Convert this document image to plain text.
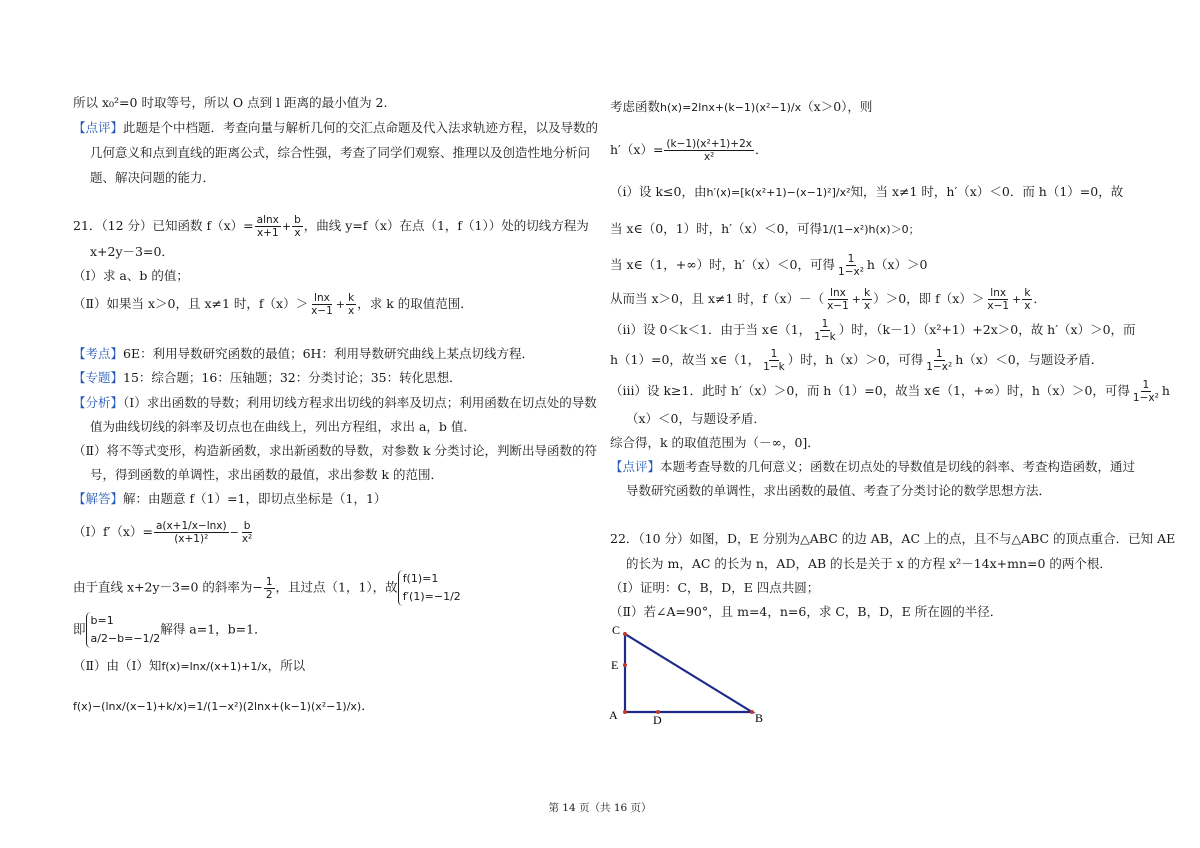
所以 x₀²=0 时取等号，所以 O 点到 l 距离的最小值为 2.
【点评】此题是个中档题．考查向量与解析几何的交汇点命题及代入法求轨迹方程，以及导数的
几何意义和点到直线的距离公式，综合性强，考查了同学们观察、推理以及创造性地分析问
题、解决问题的能力．
21．（12 分）已知函数 $f(x)= \frac{alnx}{x+1} + \frac{b}{x}$ ，曲线 y=f（x）在点（1，f（1））处的切线方程为
x+2y－3=0．
（Ⅰ）求 a、b 的值；
（Ⅱ）如果当 x＞0，且 x≠1 时，$f(x)> \frac{\ln x}{x-1} + \frac{k}{x}$ ，求 k 的取值范围．
【考点】6E：利用导数研究函数的最值；6H：利用导数研究曲线上某点切线方程．
【专题】15：综合题；16：压轴题；32：分类讨论；35：转化思想．
【分析】（Ⅰ）求出函数的导数；利用切线方程求出切线的斜率及切点；利用函数在切点处的导数
值为曲线切线的斜率及切点也在曲线上，列出方程组，求出 a，b 值．
（Ⅱ）将不等式变形，构造新函数，求出新函数的导数，对参数 k 分类讨论，判断出导函数的符
号，得到函数的单调性，求出函数的最值，求出参数 k 的范围．
【解答】解：由题意 f（1）=1，即切点坐标是（1，1）
（Ⅰ）f′（x）= $\frac{a(x+1/x-\ln x)}{\text{(x+1)²}} - \frac{b}{\text{x²}}$
由于直线 x+2y－3=0 的斜率为− $\frac{1}{2}$ ，且过点（1，1），故
f(1)=1
f′(1)=−1/2
即
b=1
a/2−b=−1/2
解得 a=1，b=1．
（Ⅱ）由（Ⅰ）知f(x)=lnx/(x+1)+1/x，所以
f(x)−(lnx/(x−1)+k/x)=1/(1−x²)(2lnx+(k−1)(x²−1)/x)．
考虑函数h(x)=2lnx+(k−1)(x²−1)/x（x＞0），则
$h'(x)= \frac{\text{(k−1)(x²+1)+2x}}{\text{x²}}$ ．
（i）设 k≤0，由h′(x)=[k(x²+1)−(x−1)²]/x²知，当 x≠1 时，h′（x）＜0．而 h（1）=0，故
当 x∈（0，1）时，h′（x）＜0，可得1/(1−x²)h(x)＞0；
当 x∈（1，+∞）时，h′（x）＜0，可得 $\frac{1}{\text{1−x²}} h(x)>0$
从而当 x＞0，且 x≠1 时，$f(x)-( \frac{\ln x}{x-1} + \frac{k}{x} )>0$，即 $f(x)> \frac{\ln x}{x-1} + \frac{k}{x}$ ．
（ii）设 0＜k＜1．由于当 x∈（1， $\frac{1}{1-k}$ ）时，（k－1）（x²+1）+2x＞0，故 h′（x）＞0，而
h（1）=0，故当 x∈（1， $\frac{1}{1-k}$ ）时，h（x）＞0，可得 $\frac{1}{\text{1−x²}} h(x)<0$，与题设矛盾．
（iii）设 k≥1．此时 h′（x）＞0，而 h（1）=0，故当 x∈（1，+∞）时，h（x）＞0，可得 $\frac{1}{\text{1−x²}}$ h
（x）＜0，与题设矛盾．
综合得，k 的取值范围为（－∞，0]．
【点评】本题考查导数的几何意义；函数在切点处的导数值是切线的斜率、考查构造函数，通过
导数研究函数的单调性，求出函数的最值、考查了分类讨论的数学思想方法．
22．（10 分）如图，D，E 分别为△ABC 的边 AB，AC 上的点，且不与△ABC 的顶点重合．已知 AE
的长为 m，AC 的长为 n，AD，AB 的长是关于 x 的方程 x²－14x+mn=0 的两个根．
（Ⅰ）证明：C，B，D，E 四点共圆；
（Ⅱ）若∠A=90°，且 m=4，n=6，求 C，B，D，E 所在圆的半径．
C
E
A	D	B
第 14 页（共 16 页）
